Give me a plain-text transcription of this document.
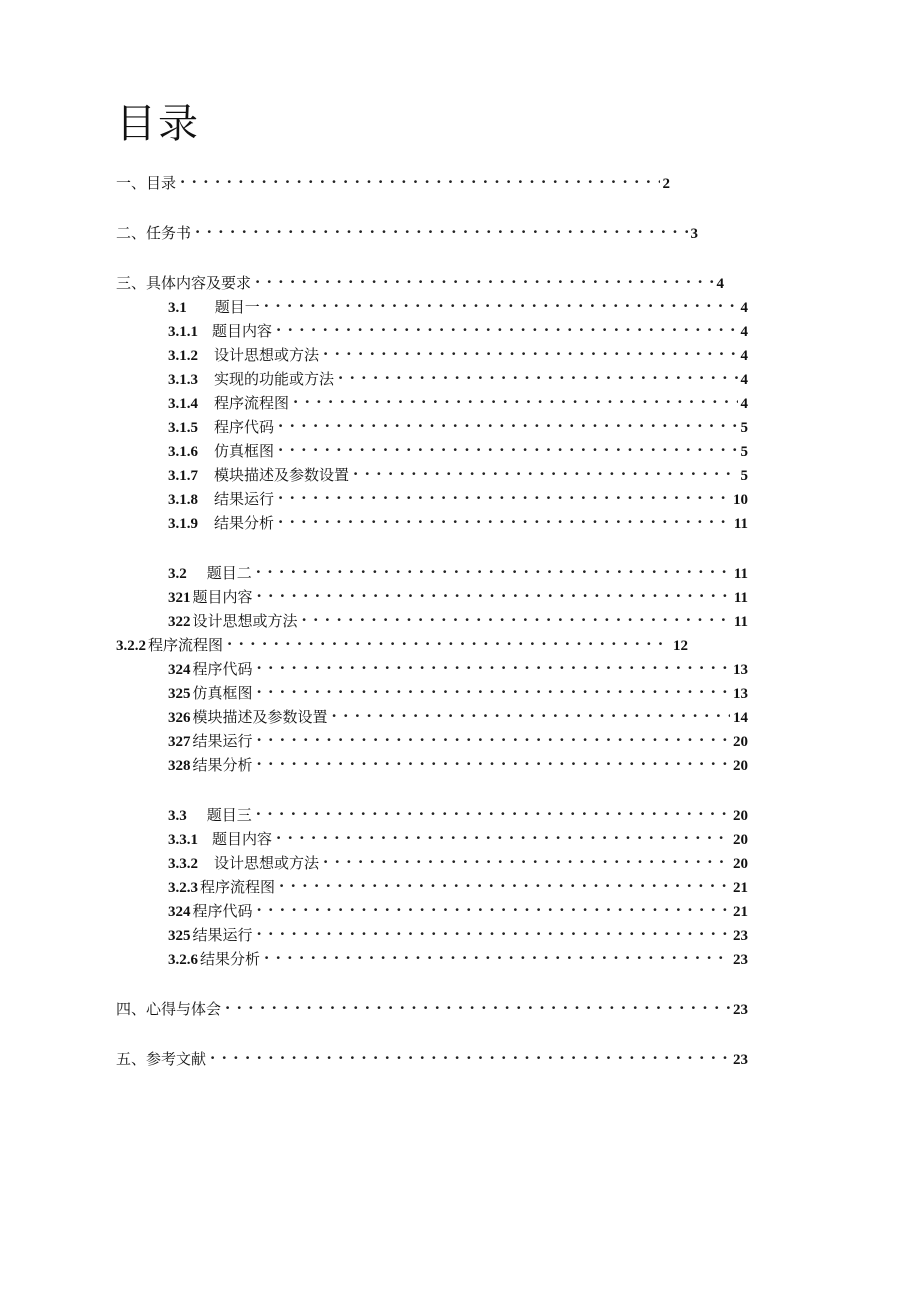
目录
一、目录 . . .	2
二、任务书 . . .	3
三、具体内容及要求 . . .	4
3.1 题目一 . . .	4
3.1.1 题目内容 . . .	4
3.1.2 设计思想或方法 . . .	4
3.1.3 实现的功能或方法 . . .	4
3.1.4 程序流程图 . . .	4
3.1.5 程序代码 . . .	5
3.1.6 仿真框图 . . .	5
3.1.7 模块描述及参数设置 . . .	5
3.1.8 结果运行 . . .	10
3.1.9 结果分析 . . .	11
3.2 题目二 . . .	11
321 题目内容 . . .	11
322 设计思想或方法 . . .	11
3.2.2 程序流程图 . . .	12
324 程序代码 . . .	13
325 仿真框图 . . .	13
326 模块描述及参数设置 . . .	14
327 结果运行 . . .	20
328 结果分析 . . .	20
3.3 题目三 . . .	20
3.3.1 题目内容 . . .	20
3.3.2 设计思想或方法 . . .	20
3.2.3 程序流程图 . . .	21
324 程序代码 . . .	21
325 结果运行 . . .	23
3.2.6 结果分析 . . .	23
四、心得与体会 . . .	23
五、参考文献 . . .	23
